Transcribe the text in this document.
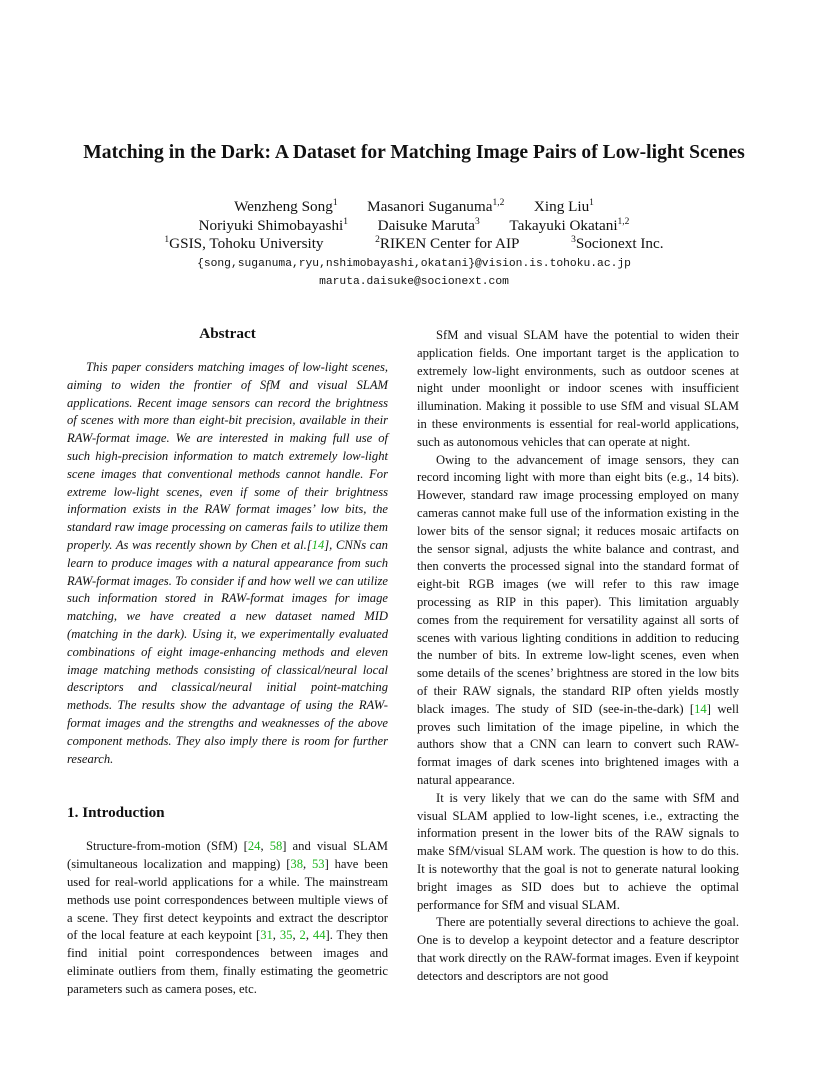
Matching in the Dark: A Dataset for Matching Image Pairs of Low-light Scenes
Wenzheng Song$^1$ Masanori Suganuma$^{1,2}$ Xing Liu$^1$
Noriyuki Shimobayashi$^1$ Daisuke Maruta$^3$ Takayuki Okatani$^{1,2}$
$^1$GSIS, Tohoku University	$^2$RIKEN Center for AIP	$^3$Socionext Inc.
{song,suganuma,ryu,nshimobayashi,okatani}@vision.is.tohoku.ac.jp
maruta.daisuke@socionext.com
Abstract

This paper considers matching images of low-light scenes, aiming to widen the frontier of SfM and visual SLAM applications. Recent image sensors can record the brightness of scenes with more than eight-bit precision, available in their RAW-format image. We are interested in making full use of such high-precision information to match extremely low-light scene images that conventional methods cannot handle. For extreme low-light scenes, even if some of their brightness information exists in the RAW format images’ low bits, the standard raw image processing on cameras fails to utilize them properly. As was recently shown by Chen et al.[14], CNNs can learn to produce images with a natural appearance from such RAW-format images. To consider if and how well we can utilize such information stored in RAW-format images for image matching, we have created a new dataset named MID (matching in the dark). Using it, we experimentally evaluated combinations of eight image-enhancing methods and eleven image matching methods consisting of classical/neural local descriptors and classical/neural initial point-matching methods. The results show the advantage of using the RAW-format images and the strengths and weaknesses of the above component methods. They also imply there is room for further research.

1. Introduction

Structure-from-motion (SfM) [24, 58] and visual SLAM (simultaneous localization and mapping) [38, 53] have been used for real-world applications for a while. The mainstream methods use point correspondences between multiple views of a scene. They first detect keypoints and extract the descriptor of the local feature at each keypoint [31, 35, 2, 44]. They then find initial point correspondences between images and eliminate outliers from them, finally estimating the geometric parameters such as camera poses, etc.

SfM and visual SLAM have the potential to widen their application fields. One important target is the application to extremely low-light environments, such as outdoor scenes at night under moonlight or indoor scenes with insufficient illumination. Making it possible to use SfM and visual SLAM in these environments is essential for real-world applications, such as autonomous vehicles that can operate at night.

Owing to the advancement of image sensors, they can record incoming light with more than eight bits (e.g., 14 bits). However, standard raw image processing employed on many cameras cannot make full use of the information existing in the lower bits of the sensor signal; it reduces mosaic artifacts on the sensor signal, adjusts the white balance and contrast, and then converts the processed signal into the standard format of eight-bit RGB images (we will refer to this raw image processing as RIP in this paper). This limitation arguably comes from the requirement for versatility against all sorts of scenes with various lighting conditions in addition to reducing the number of bits. In extreme low-light scenes, even when some details of the scenes’ brightness are stored in the low bits of their RAW signals, the standard RIP often yields mostly black images. The study of SID (see-in-the-dark) [14] well proves such limitation of the image pipeline, in which the authors show that a CNN can learn to convert such RAW-format images of dark scenes into brightened images with a natural appearance.

It is very likely that we can do the same with SfM and visual SLAM applied to low-light scenes, i.e., extracting the information present in the lower bits of the RAW signals to make SfM/visual SLAM work. The question is how to do this. It is noteworthy that the goal is not to generate natural looking bright images as SID does but to achieve the optimal performance for SfM and visual SLAM.

There are potentially several directions to achieve the goal. One is to develop a keypoint detector and a feature descriptor that work directly on the RAW-format images. Even if keypoint detectors and descriptors are not good
